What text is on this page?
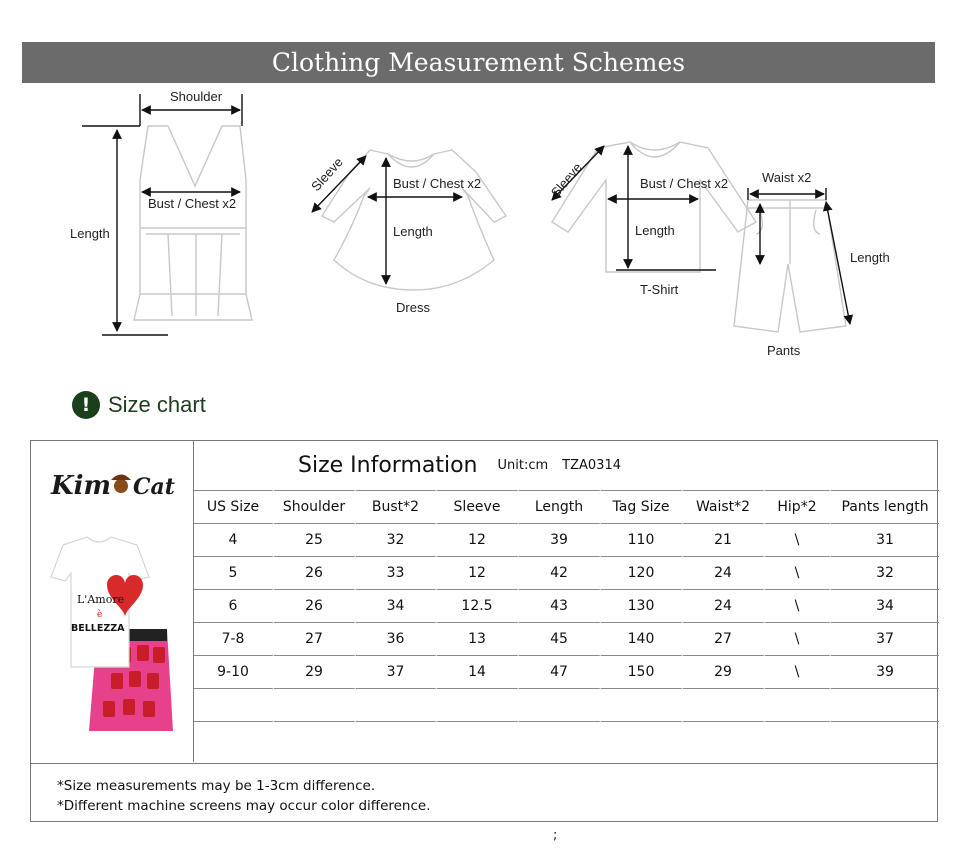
Clothing Measurement Schemes
Shoulder
Bust / Chest x2
Length
Sleeve	Bust / Chest x2
Length
Dress
Sleeve	Bust / Chest x2
Length
T-Shirt
Waist x2
Length
Pants
! Size chart
Kim Cat
L'Amore
è
BELLEZZA
Size Information Unit:cm TZA0314
US Size	Shoulder	Bust*2	Sleeve	Length	Tag Size	Waist*2	Hip*2	Pants length
4	25	32	12	39	110	21	\	31
5	26	33	12	42	120	24	\	32
6	26	34	12.5	43	130	24	\	34
7-8	27	36	13	45	140	27	\	37
9-10	29	37	14	47	150	29	\	39

*Size measurements may be 1-3cm difference.
*Different machine screens may occur color difference.
;
